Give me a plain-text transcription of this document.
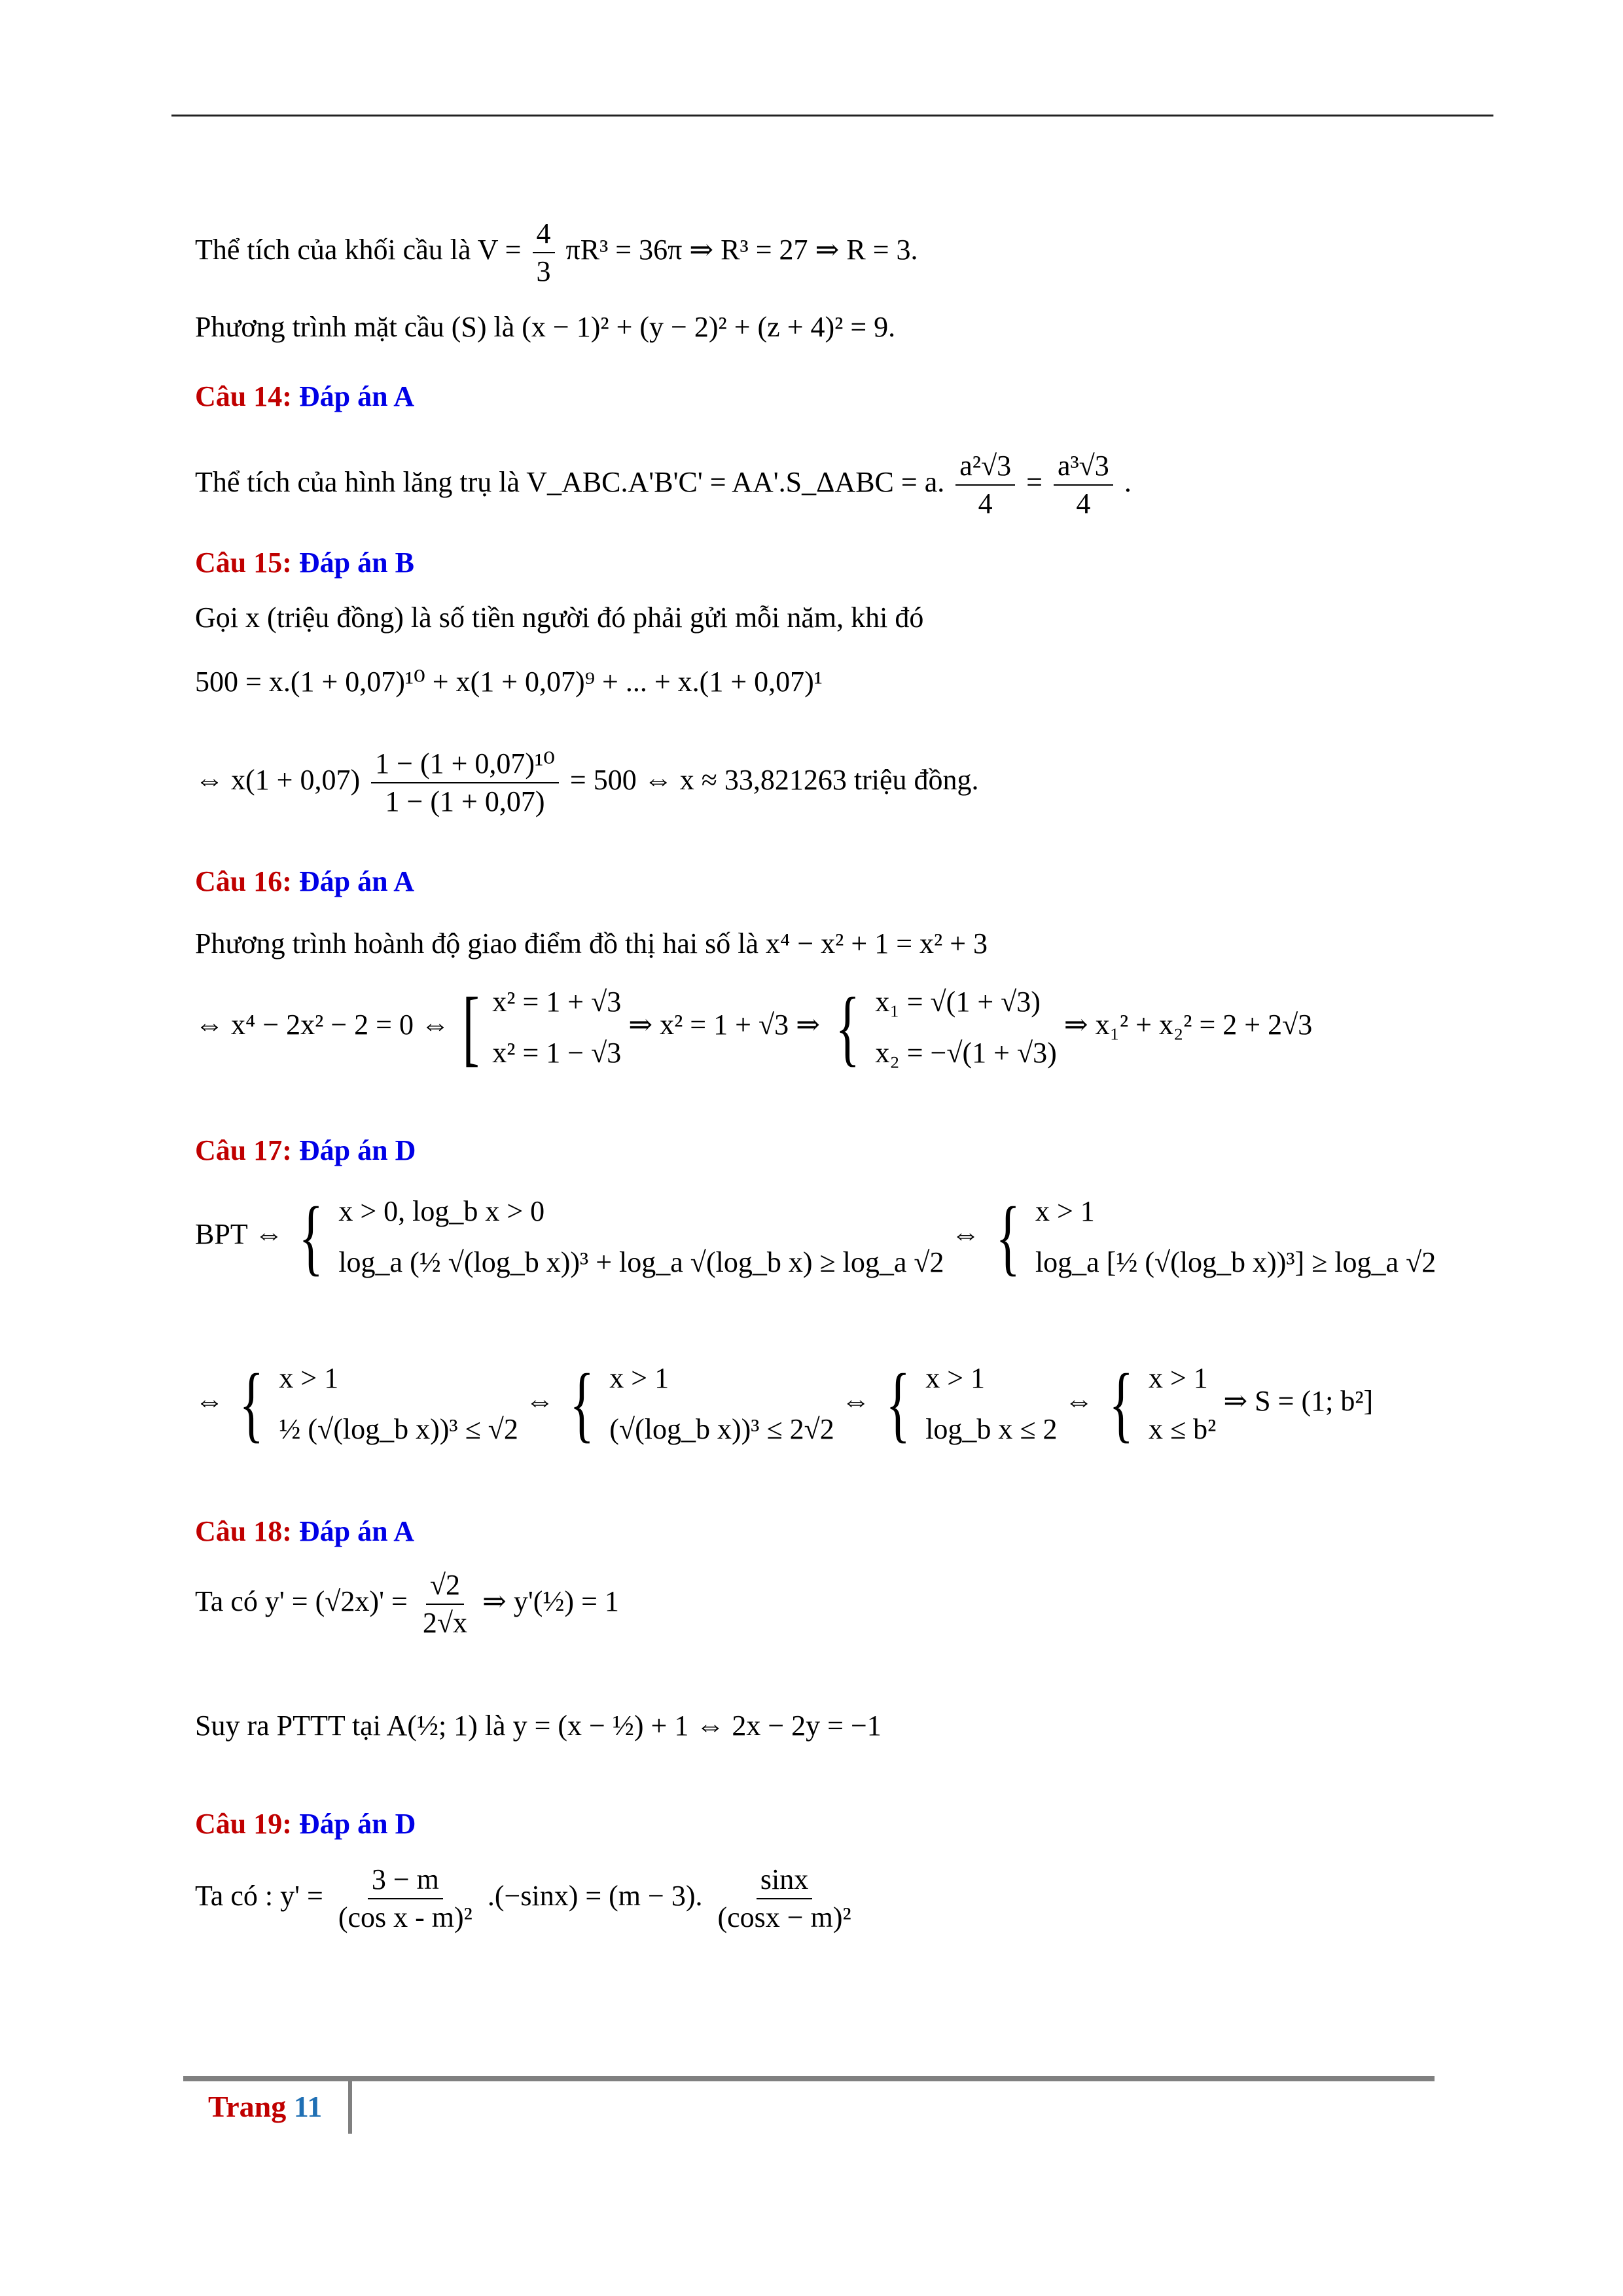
Thể tích của khối cầu là $V = \frac{4}{3} \pi R^3 = 36\pi$ ⇒ R³ = 27 ⇒ R = 3.
Phương trình mặt cầu (S) là (x − 1)² + (y − 2)² + (z + 4)² = 9.
Câu 14: Đáp án A
Thể tích của hình lăng trụ là V_ABC.A'B'C' = AA'.S_ΔABC = a. $\frac{\text{a²√3}}{4} = \frac{\text{a³√3}}{4}$ .
Câu 15: Đáp án B
Gọi x (triệu đồng) là số tiền người đó phải gửi mỗi năm, khi đó
500 = x.(1 + 0,07)¹⁰ + x(1 + 0,07)⁹ + ... + x.(1 + 0,07)¹
⇔ $x(1 + 0,07) \frac{\text{1 − (1 + 0,07)¹⁰}}{1 - (1 + 0,07)} = 500$ ⇔ x ≈ 33,821263 triệu đồng.
Câu 16: Đáp án A
Phương trình hoành độ giao điểm đồ thị hai số là x⁴ − x² + 1 = x² + 3
⇔ x⁴ − 2x² − 2 = 0 ⇔ [ x² = 1 + √3
x² = 1 − √3
⇒ x² = 1 + √3 ⇒ { x₁ = √(1 + √3)
x₂ = −√(1 + √3)
⇒ x₁² + x₂² = 2 + 2√3
Câu 17: Đáp án D
BPT ⇔ { x > 0, log_b x > 0
log_a (½ √(log_b x))³ + log_a √(log_b x) ≥ log_a √2
⇔ { x > 1
log_a [½ (√(log_b x))³] ≥ log_a √2
⇔ { x > 1
½ (√(log_b x))³ ≤ √2
⇔ { x > 1
(√(log_b x))³ ≤ 2√2
⇔ { x > 1
log_b x ≤ 2
⇔ { x > 1
x ≤ b²
⇒ S = (1; b²]
Câu 18: Đáp án A
Ta có $y' = (√2x)' = \frac{√2}{2√x}$ ⇒ y'(½) = 1
Suy ra PTTT tại A(½; 1) là y = (x − ½) + 1 ⇔ 2x − 2y = −1
Câu 19: Đáp án D
Ta có : $y' = \frac{3 - m}{\text{(cos x - m)²}} .(-\sin x) = (m - 3)$. $\frac{\sin x}{\text{(cosx − m)²}}$
Trang 11
